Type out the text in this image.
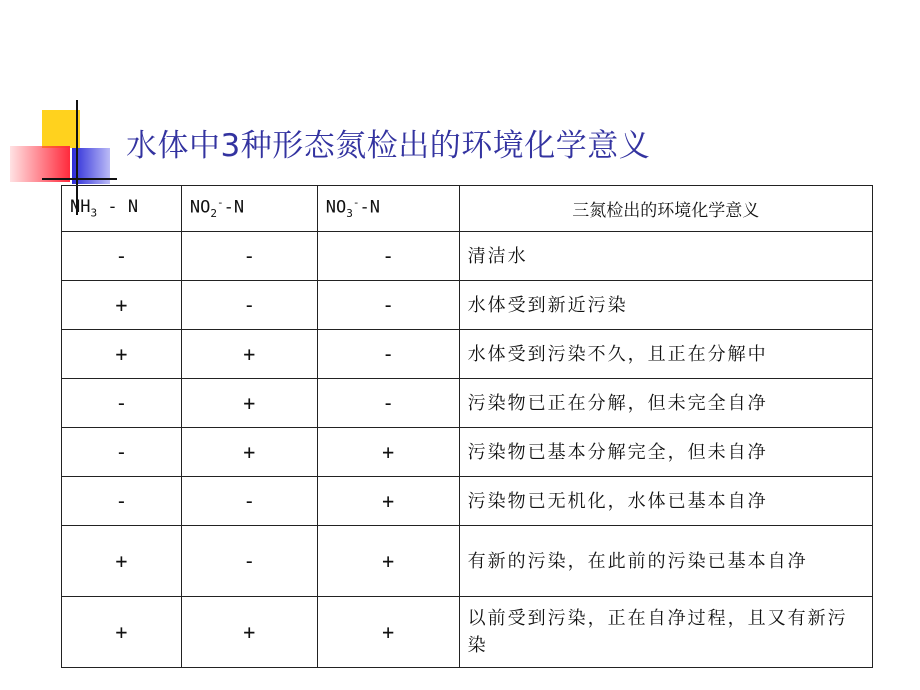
水体中3种形态氮检出的环境化学意义
$NH_3$ - N	$NO_2^--N$	$NO_3^--N$	三氮检出的环境化学意义
-	-	-	清洁水
+	-	-	水体受到新近污染
+	+	-	水体受到污染不久，且正在分解中
-	+	-	污染物已正在分解，但未完全自净
-	+	+	污染物已基本分解完全，但未自净
-	-	+	污染物已无机化，水体已基本自净
+	-	+	有新的污染，在此前的污染已基本自净
+	+	+	以前受到污染，正在自净过程，且又有新污染
